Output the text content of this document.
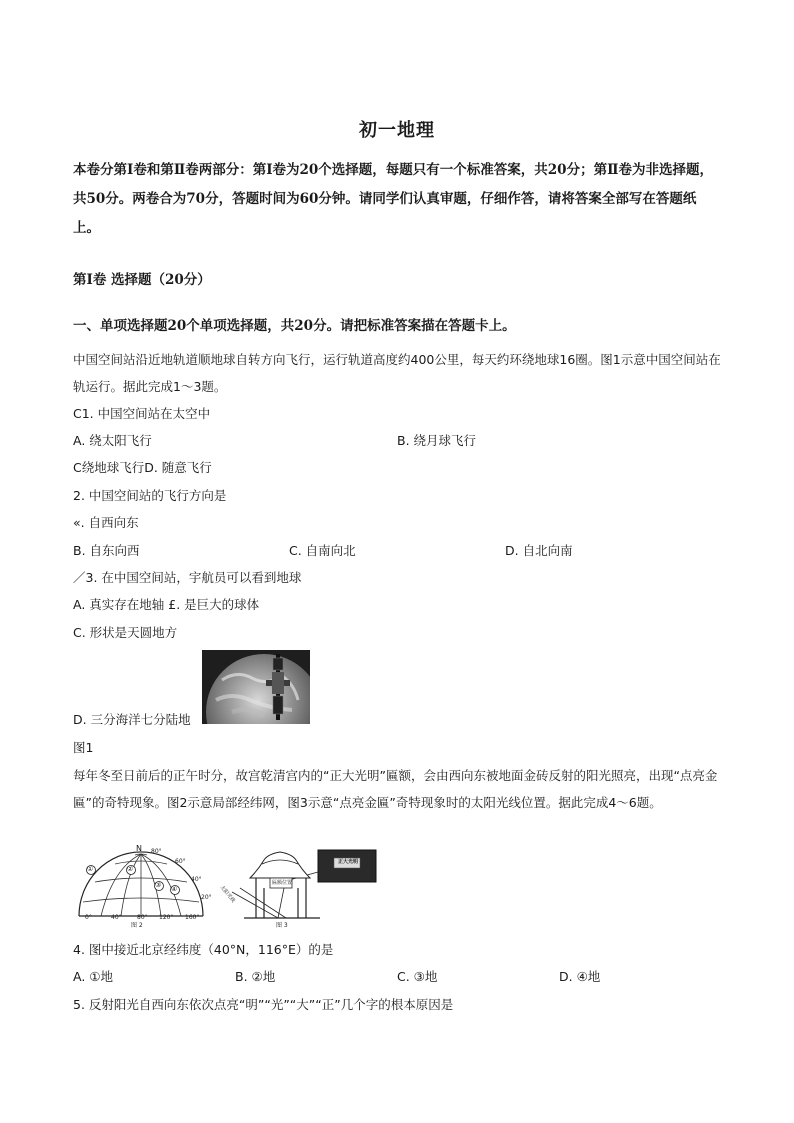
初一地理
本卷分第Ⅰ卷和第Ⅱ卷两部分：第Ⅰ卷为20个选择题，每题只有一个标准答案，共20分；第Ⅱ卷为非选择题，共50分。两卷合为70分，答题时间为60分钟。请同学们认真审题，仔细作答，请将答案全部写在答题纸上。
第Ⅰ卷 选择题（20分）
一、单项选择题20个单项选择题，共20分。请把标准答案描在答题卡上。
中国空间站沿近地轨道顺地球自转方向飞行，运行轨道高度约400公里，每天约环绕地球16圈。图1示意中国空间站在轨运行。据此完成1～3题。
C1. 中国空间站在太空中
A. 绕太阳飞行	B. 绕月球飞行
C绕地球飞行D. 随意飞行
2. 中国空间站的飞行方向是
«. 自西向东
B. 自东向西	C. 自南向北	D. 自北向南
／3. 在中国空间站，宇航员可以看到地球
A. 真实存在地轴 £. 是巨大的球体
C. 形状是天圆地方
D. 三分海洋七分陆地
图1
每年冬至日前后的正午时分，故宫乾清宫内的“正大光明”匾额，会由西向东被地面金砖反射的阳光照亮，出现“点亮金匾”的奇特现象。图2示意局部经纬网，图3示意“点亮金匾”奇特现象时的太阳光线位置。据此完成4～6题。
N 80°
60°
40°
20°
0°	40°	80° 120° 160°
①	②
③ ④
图 2
正大光明
匾额位置
太阳光线
图 3
4. 图中接近北京经纬度（40°N，116°E）的是
A. ①地	B. ②地	C. ③地	D. ④地
5. 反射阳光自西向东依次点亮“明”“光”“大”“正”几个字的根本原因是
